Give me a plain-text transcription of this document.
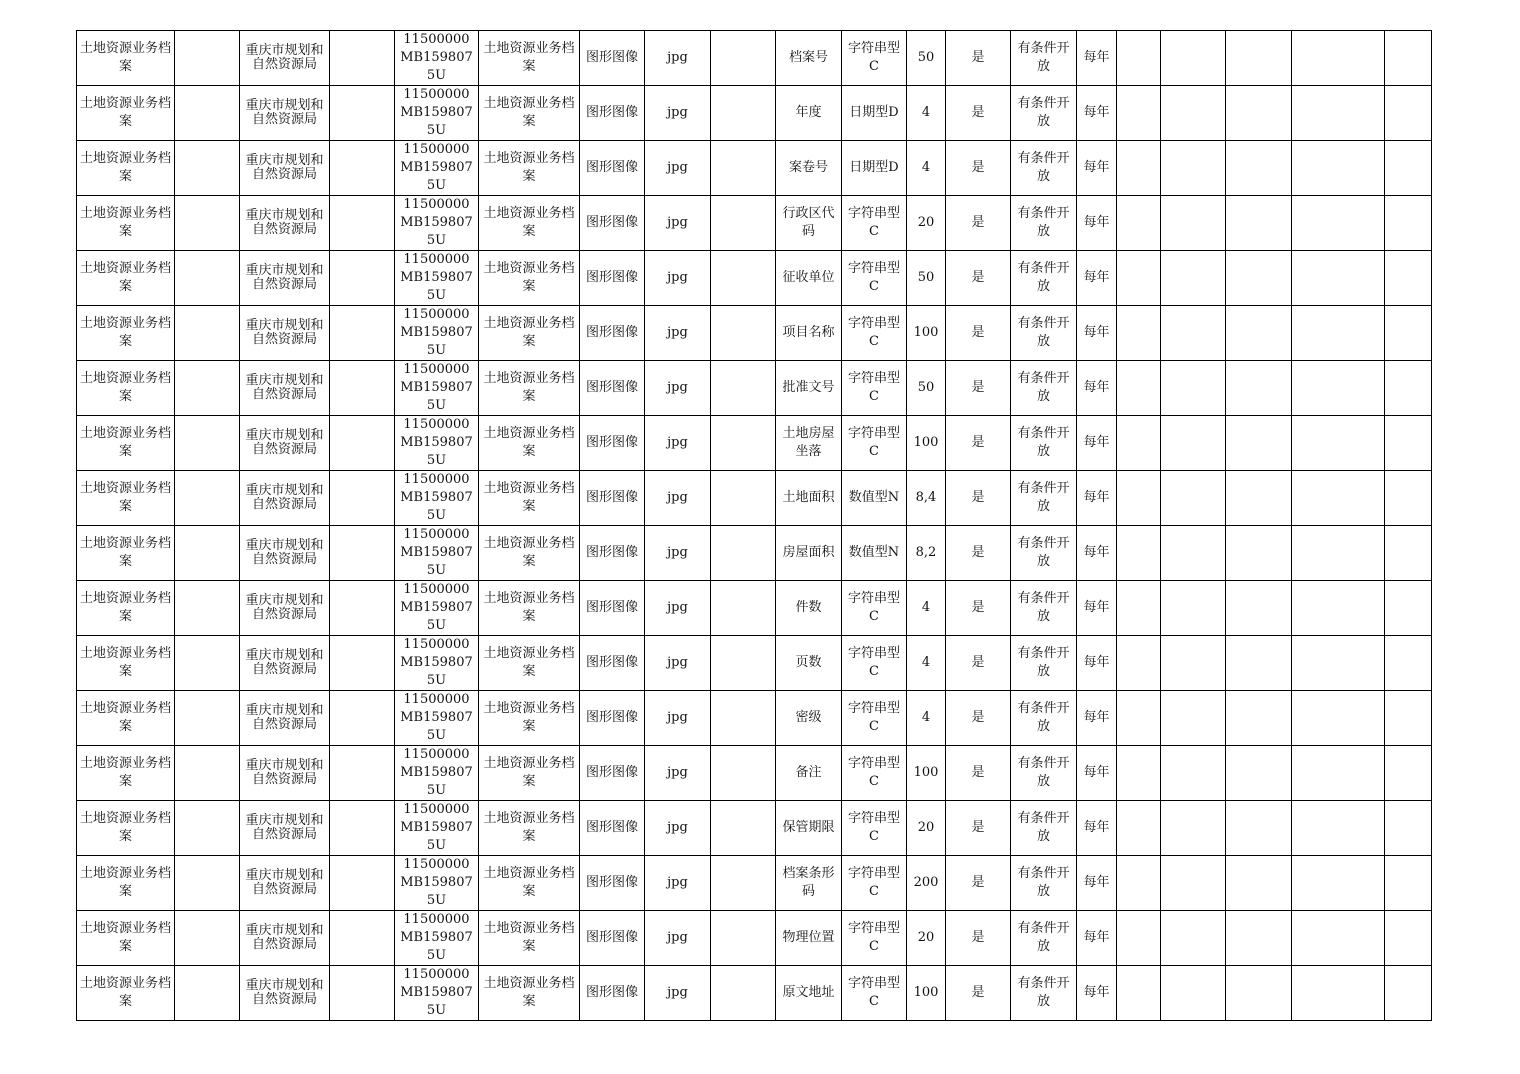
土地资源业务档案		重庆市规划和自然资源局		11500000MB1598075U	土地资源业务档案	图形图像	jpg		档案号	字符串型C	50	是	有条件开放	每年					
土地资源业务档案		重庆市规划和自然资源局		11500000MB1598075U	土地资源业务档案	图形图像	jpg		年度	日期型D	4	是	有条件开放	每年					
土地资源业务档案		重庆市规划和自然资源局		11500000MB1598075U	土地资源业务档案	图形图像	jpg		案卷号	日期型D	4	是	有条件开放	每年					
土地资源业务档案		重庆市规划和自然资源局		11500000MB1598075U	土地资源业务档案	图形图像	jpg		行政区代码	字符串型C	20	是	有条件开放	每年					
土地资源业务档案		重庆市规划和自然资源局		11500000MB1598075U	土地资源业务档案	图形图像	jpg		征收单位	字符串型C	50	是	有条件开放	每年					
土地资源业务档案		重庆市规划和自然资源局		11500000MB1598075U	土地资源业务档案	图形图像	jpg		项目名称	字符串型C	100	是	有条件开放	每年					
土地资源业务档案		重庆市规划和自然资源局		11500000MB1598075U	土地资源业务档案	图形图像	jpg		批准文号	字符串型C	50	是	有条件开放	每年					
土地资源业务档案		重庆市规划和自然资源局		11500000MB1598075U	土地资源业务档案	图形图像	jpg		土地房屋坐落	字符串型C	100	是	有条件开放	每年					
土地资源业务档案		重庆市规划和自然资源局		11500000MB1598075U	土地资源业务档案	图形图像	jpg		土地面积	数值型N	8,4	是	有条件开放	每年					
土地资源业务档案		重庆市规划和自然资源局		11500000MB1598075U	土地资源业务档案	图形图像	jpg		房屋面积	数值型N	8,2	是	有条件开放	每年					
土地资源业务档案		重庆市规划和自然资源局		11500000MB1598075U	土地资源业务档案	图形图像	jpg		件数	字符串型C	4	是	有条件开放	每年					
土地资源业务档案		重庆市规划和自然资源局		11500000MB1598075U	土地资源业务档案	图形图像	jpg		页数	字符串型C	4	是	有条件开放	每年					
土地资源业务档案		重庆市规划和自然资源局		11500000MB1598075U	土地资源业务档案	图形图像	jpg		密级	字符串型C	4	是	有条件开放	每年					
土地资源业务档案		重庆市规划和自然资源局		11500000MB1598075U	土地资源业务档案	图形图像	jpg		备注	字符串型C	100	是	有条件开放	每年					
土地资源业务档案		重庆市规划和自然资源局		11500000MB1598075U	土地资源业务档案	图形图像	jpg		保管期限	字符串型C	20	是	有条件开放	每年					
土地资源业务档案		重庆市规划和自然资源局		11500000MB1598075U	土地资源业务档案	图形图像	jpg		档案条形码	字符串型C	200	是	有条件开放	每年					
土地资源业务档案		重庆市规划和自然资源局		11500000MB1598075U	土地资源业务档案	图形图像	jpg		物理位置	字符串型C	20	是	有条件开放	每年					
土地资源业务档案		重庆市规划和自然资源局		11500000MB1598075U	土地资源业务档案	图形图像	jpg		原文地址	字符串型C	100	是	有条件开放	每年					
